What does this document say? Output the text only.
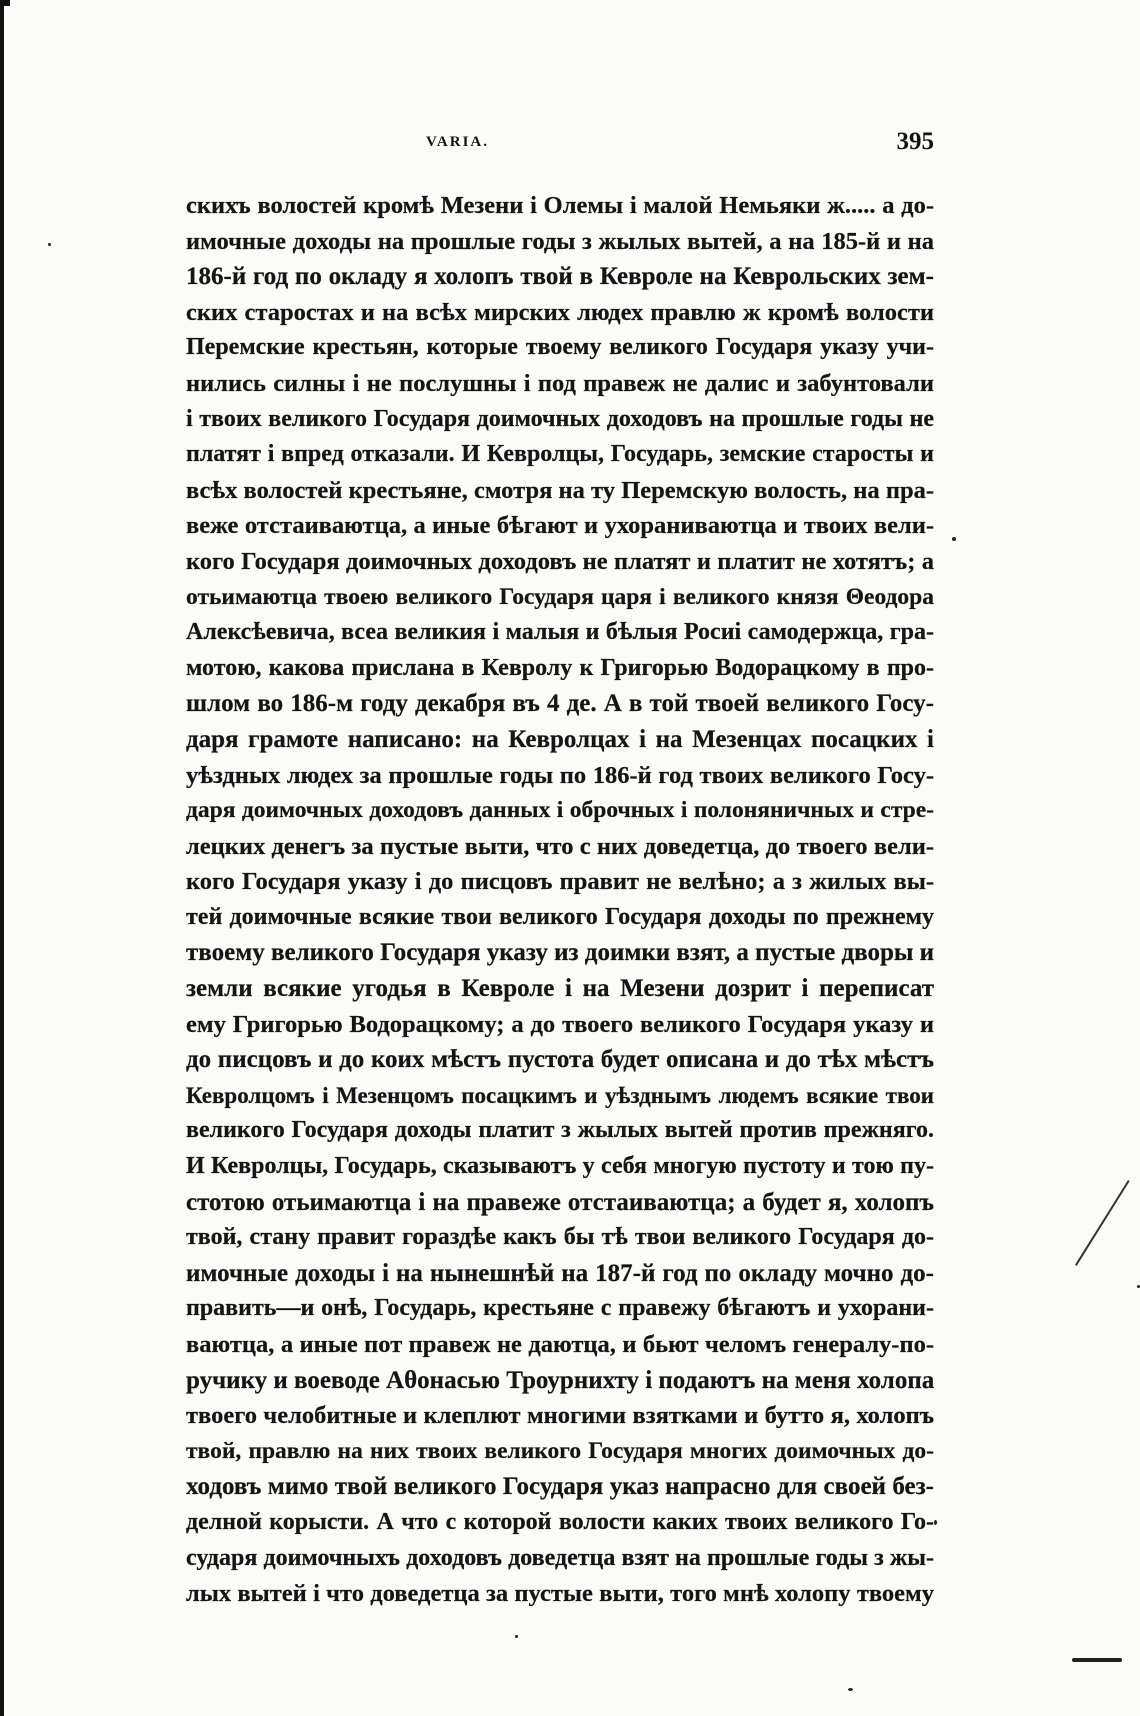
VARIA.	395
скихъ волостей кромѣ Мезени і Олемы і малой Немьяки ж..... а до-
имочные доходы на прошлые годы з жылых вытей, а на 185-й и на
186-й год по окладу я холопъ твой в Кевроле на Кеврольских зем-
ских старостах и на всѣх мирских людех правлю ж кромѣ волости
Перемские крестьян, которые твоему великого Государя указу учи-
нились силны і не послушны і под правеж не далис и забунтовали
і твоих великого Государя доимочных доходовъ на прошлые годы не
платят і впред отказали. И Кевролцы, Государь, земские старосты и
всѣх волостей крестьяне, смотря на ту Перемскую волость, на пра-
веже отстаиваютца, а иные бѣгают и ухораниваютца и твоих вели-
кого Государя доимочных доходовъ не платят и платит не хотятъ; а
отьимаютца твоею великого Государя царя і великого князя Θеодора
Алексѣевича, всеа великия і малыя и бѣлыя Росиі самодержца, гра-
мотою, какова прислана в Кевролу к Григорью Водорацкому в про-
шлом во 186-м году декабря въ 4 де. А в той твоей великого Госу-
даря грамоте написано: на Кевролцах і на Мезенцах посацких і
уѣздных людех за прошлые годы по 186-й год твоих великого Госу-
даря доимочных доходовъ данных і оброчных і полоняничных и стре-
лецких денегъ за пустые выти, что с них доведетца, до твоего вели-
кого Государя указу і до писцовъ правит не велѣно; а з жилых вы-
тей доимочные всякие твои великого Государя доходы по прежнему
твоему великого Государя указу из доимки взят, а пустые дворы и
земли всякие угодья в Кевроле і на Мезени дозрит і переписат
ему Григорью Водорацкому; а до твоего великого Государя указу и
до писцовъ и до коих мѣстъ пустота будет описана и до тѣх мѣстъ
Кевролцомъ і Мезенцомъ посацкимъ и уѣзднымъ людемъ всякие твои
великого Государя доходы платит з жылых вытей против прежняго.
И Кевролцы, Государь, сказываютъ у себя многую пустоту и тою пу-
стотою отьимаютца і на правеже отстаиваютца; а будет я, холопъ
твой, стану правит гораздѣе какъ бы тѣ твои великого Государя до-
имочные доходы і на нынешнѣй на 187-й год по окладу мочно до-
править—и онѣ, Государь, крестьяне с правежу бѣгаютъ и ухорани-
ваютца, а иные пот правеж не даютца, и бьют челомъ генералу-по-
ручику и воеводе Аθонасью Троурнихту і подаютъ на меня холопа
твоего челобитные и клеплют многими взятками и бутто я, холопъ
твой, правлю на них твоих великого Государя многих доимочных до-
ходовъ мимо твой великого Государя указ напрасно для своей без-
делной корысти. А что с которой волости каких твоих великого Го-
сударя доимочныхъ доходовъ доведетца взят на прошлые годы з жы-
лых вытей і что доведетца за пустые выти, того мнѣ холопу твоему
